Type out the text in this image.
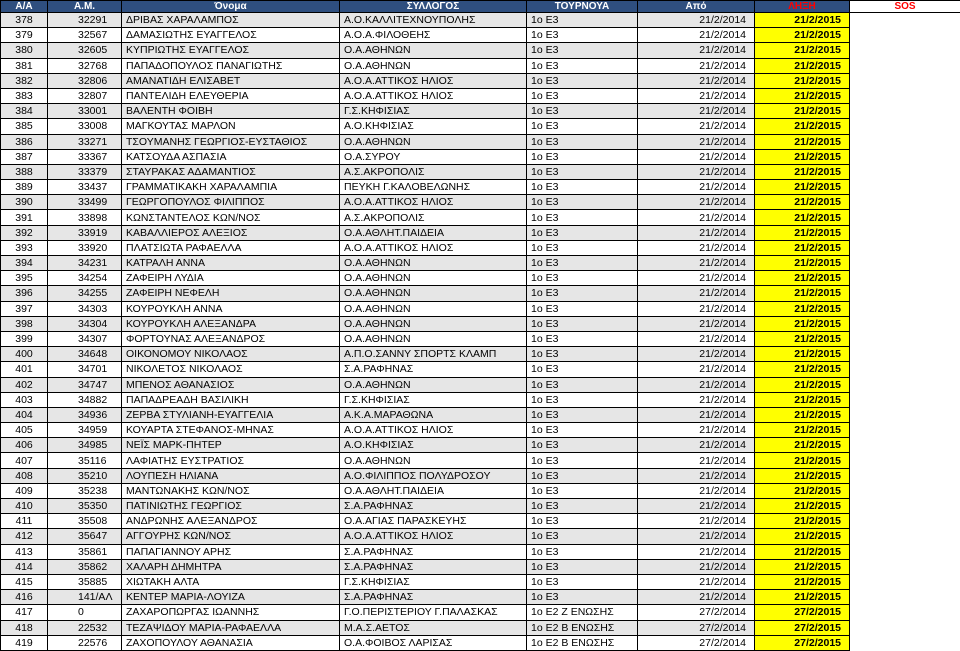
Α/Α	Α.Μ.	Όνομα	ΣΥΛΛΟΓΟΣ	ΤΟΥΡΝΟΥΑ	Από	ΛΗΞΗ	SOS
378	32291	ΔΡΙΒΑΣ ΧΑΡΑΛΑΜΠΟΣ	Α.Ο.ΚΑΛΛΙΤΕΧΝΟΥΠΟΛΗΣ	1o E3	21/2/2014	21/2/2015	
379	32567	ΔΑΜΑΣΙΩΤΗΣ ΕΥΑΓΓΕΛΟΣ	Α.Ο.Α.ΦΙΛΟΘΕΗΣ	1o E3	21/2/2014	21/2/2015	
380	32605	ΚΥΠΡΙΩΤΗΣ ΕΥΑΓΓΕΛΟΣ	Ο.Α.ΑΘΗΝΩΝ	1o E3	21/2/2014	21/2/2015	
381	32768	ΠΑΠΑΔΟΠΟΥΛΟΣ ΠΑΝΑΓΙΩΤΗΣ	Ο.Α.ΑΘΗΝΩΝ	1o E3	21/2/2014	21/2/2015	
382	32806	ΑΜΑΝΑΤΙΔΗ ΕΛΙΣΑΒΕΤ	Α.Ο.Α.ΑΤΤΙΚΟΣ ΗΛΙΟΣ	1o E3	21/2/2014	21/2/2015	
383	32807	ΠΑΝΤΕΛΙΔΗ ΕΛΕΥΘΕΡΙΑ	Α.Ο.Α.ΑΤΤΙΚΟΣ ΗΛΙΟΣ	1o E3	21/2/2014	21/2/2015	
384	33001	ΒΑΛΕΝΤΗ ΦΟΙΒΗ	Γ.Σ.ΚΗΦΙΣΙΑΣ	1o E3	21/2/2014	21/2/2015	
385	33008	ΜΑΓΚΟΥΤΑΣ ΜΑΡΛΟΝ	Α.Ο.ΚΗΦΙΣΙΑΣ	1o E3	21/2/2014	21/2/2015	
386	33271	ΤΣΟΥΜΑΝΗΣ ΓΕΩΡΓΙΟΣ-ΕΥΣΤΑΘΙΟΣ	Ο.Α.ΑΘΗΝΩΝ	1o E3	21/2/2014	21/2/2015	
387	33367	ΚΑΤΣΟΥΔΑ ΑΣΠΑΣΙΑ	Ο.Α.ΣΥΡΟΥ	1o E3	21/2/2014	21/2/2015	
388	33379	ΣΤΑΥΡΑΚΑΣ ΑΔΑΜΑΝΤΙΟΣ	Α.Σ.ΑΚΡΟΠΟΛΙΣ	1o E3	21/2/2014	21/2/2015	
389	33437	ΓΡΑΜΜΑΤΙΚΑΚΗ ΧΑΡΑΛΑΜΠΙΑ	ΠΕΥΚΗ Γ.ΚΑΛΟΒΕΛΩΝΗΣ	1o E3	21/2/2014	21/2/2015	
390	33499	ΓΕΩΡΓΟΠΟΥΛΟΣ ΦΙΛΙΠΠΟΣ	Α.Ο.Α.ΑΤΤΙΚΟΣ ΗΛΙΟΣ	1o E3	21/2/2014	21/2/2015	
391	33898	ΚΩΝΣΤΑΝΤΕΛΟΣ ΚΩΝ/ΝΟΣ	Α.Σ.ΑΚΡΟΠΟΛΙΣ	1o E3	21/2/2014	21/2/2015	
392	33919	ΚΑΒΑΛΛΙΕΡΟΣ ΑΛΕΞΙΟΣ	Ο.Α.ΑΘΛΗΤ.ΠΑΙΔΕΙΑ	1o E3	21/2/2014	21/2/2015	
393	33920	ΠΛΑΤΣΙΩΤΑ ΡΑΦΑΕΛΛΑ	Α.Ο.Α.ΑΤΤΙΚΟΣ ΗΛΙΟΣ	1o E3	21/2/2014	21/2/2015	
394	34231	ΚΑΤΡΑΛΗ ΑΝΝΑ	Ο.Α.ΑΘΗΝΩΝ	1o E3	21/2/2014	21/2/2015	
395	34254	ΖΑΦΕΙΡΗ ΛΥΔΙΑ	Ο.Α.ΑΘΗΝΩΝ	1o E3	21/2/2014	21/2/2015	
396	34255	ΖΑΦΕΙΡΗ ΝΕΦΕΛΗ	Ο.Α.ΑΘΗΝΩΝ	1o E3	21/2/2014	21/2/2015	
397	34303	ΚΟΥΡΟΥΚΛΗ ΑΝΝΑ	Ο.Α.ΑΘΗΝΩΝ	1o E3	21/2/2014	21/2/2015	
398	34304	ΚΟΥΡΟΥΚΛΗ ΑΛΕΞΑΝΔΡΑ	Ο.Α.ΑΘΗΝΩΝ	1o E3	21/2/2014	21/2/2015	
399	34307	ΦΟΡΤΟΥΝΑΣ ΑΛΕΞΑΝΔΡΟΣ	Ο.Α.ΑΘΗΝΩΝ	1o E3	21/2/2014	21/2/2015	
400	34648	ΟΙΚΟΝΟΜΟΥ ΝΙΚΟΛΑΟΣ	Α.Π.Ο.ΣΑΝΝΥ ΣΠΟΡΤΣ ΚΛΑΜΠ	1o E3	21/2/2014	21/2/2015	
401	34701	ΝΙΚΟΛΕΤΟΣ ΝΙΚΟΛΑΟΣ	Σ.Α.ΡΑΦΗΝΑΣ	1o E3	21/2/2014	21/2/2015	
402	34747	ΜΠΕΝΟΣ ΑΘΑΝΑΣΙΟΣ	Ο.Α.ΑΘΗΝΩΝ	1o E3	21/2/2014	21/2/2015	
403	34882	ΠΑΠΑΔΡΕΑΔΗ ΒΑΣΙΛΙΚΗ	Γ.Σ.ΚΗΦΙΣΙΑΣ	1o E3	21/2/2014	21/2/2015	
404	34936	ΖΕΡΒΑ ΣΤΥΛΙΑΝΗ-ΕΥΑΓΓΕΛΙΑ	Α.Κ.Α.ΜΑΡΑΘΩΝΑ	1o E3	21/2/2014	21/2/2015	
405	34959	ΚΟΥΑΡΤΑ ΣΤΕΦΑΝΟΣ-ΜΗΝΑΣ	Α.Ο.Α.ΑΤΤΙΚΟΣ ΗΛΙΟΣ	1o E3	21/2/2014	21/2/2015	
406	34985	ΝΕΪΣ ΜΑΡΚ-ΠΗΤΕΡ	Α.Ο.ΚΗΦΙΣΙΑΣ	1o E3	21/2/2014	21/2/2015	
407	35116	ΛΑΦΙΑΤΗΣ ΕΥΣΤΡΑΤΙΟΣ	Ο.Α.ΑΘΗΝΩΝ	1o E3	21/2/2014	21/2/2015	
408	35210	ΛΟΥΠΕΣΗ ΗΛΙΑΝΑ	Α.Ο.ΦΙΛΙΠΠΟΣ ΠΟΛΥΔΡΟΣΟΥ	1o E3	21/2/2014	21/2/2015	
409	35238	ΜΑΝΤΩΝΑΚΗΣ ΚΩΝ/ΝΟΣ	Ο.Α.ΑΘΛΗΤ.ΠΑΙΔΕΙΑ	1o E3	21/2/2014	21/2/2015	
410	35350	ΠΑΤΙΝΙΩΤΗΣ ΓΕΩΡΓΙΟΣ	Σ.Α.ΡΑΦΗΝΑΣ	1o E3	21/2/2014	21/2/2015	
411	35508	ΑΝΔΡΩΝΗΣ ΑΛΕΞΑΝΔΡΟΣ	Ο.Α.ΑΓΙΑΣ ΠΑΡΑΣΚΕΥΗΣ	1o E3	21/2/2014	21/2/2015	
412	35647	ΑΓΓΟΥΡΗΣ ΚΩΝ/ΝΟΣ	Α.Ο.Α.ΑΤΤΙΚΟΣ ΗΛΙΟΣ	1o E3	21/2/2014	21/2/2015	
413	35861	ΠΑΠΑΓΙΑΝΝΟΥ ΑΡΗΣ	Σ.Α.ΡΑΦΗΝΑΣ	1o E3	21/2/2014	21/2/2015	
414	35862	ΧΑΛΑΡΗ ΔΗΜΗΤΡΑ	Σ.Α.ΡΑΦΗΝΑΣ	1o E3	21/2/2014	21/2/2015	
415	35885	ΧΙΩΤΑΚΗ ΑΛΤΑ	Γ.Σ.ΚΗΦΙΣΙΑΣ	1o E3	21/2/2014	21/2/2015	
416	141/ΑΛ	ΚΕΝΤΕΡ ΜΑΡΙΑ-ΛΟΥΙΖΑ	Σ.Α.ΡΑΦΗΝΑΣ	1o E3	21/2/2014	21/2/2015	
417	0	ΖΑΧΑΡΟΠΩΡΓΑΣ ΙΩΑΝΝΗΣ	Γ.Ο.ΠΕΡΙΣΤΕΡΙΟΥ Γ.ΠΑΛΑΣΚΑΣ	1o E2 Z ΕΝΩΣΗΣ	27/2/2014	27/2/2015	
418	22532	ΤΕΖΑΨΙΔΟΥ ΜΑΡΙΑ-ΡΑΦΑΕΛΛΑ	Μ.Α.Σ.ΑΕΤΟΣ	1o E2 B ΕΝΩΣΗΣ	27/2/2014	27/2/2015	
419	22576	ΖΑΧΟΠΟΥΛΟΥ ΑΘΑΝΑΣΙΑ	Ο.Α.ΦΟΙΒΟΣ ΛΑΡΙΣΑΣ	1o E2 B ΕΝΩΣΗΣ	27/2/2014	27/2/2015	
